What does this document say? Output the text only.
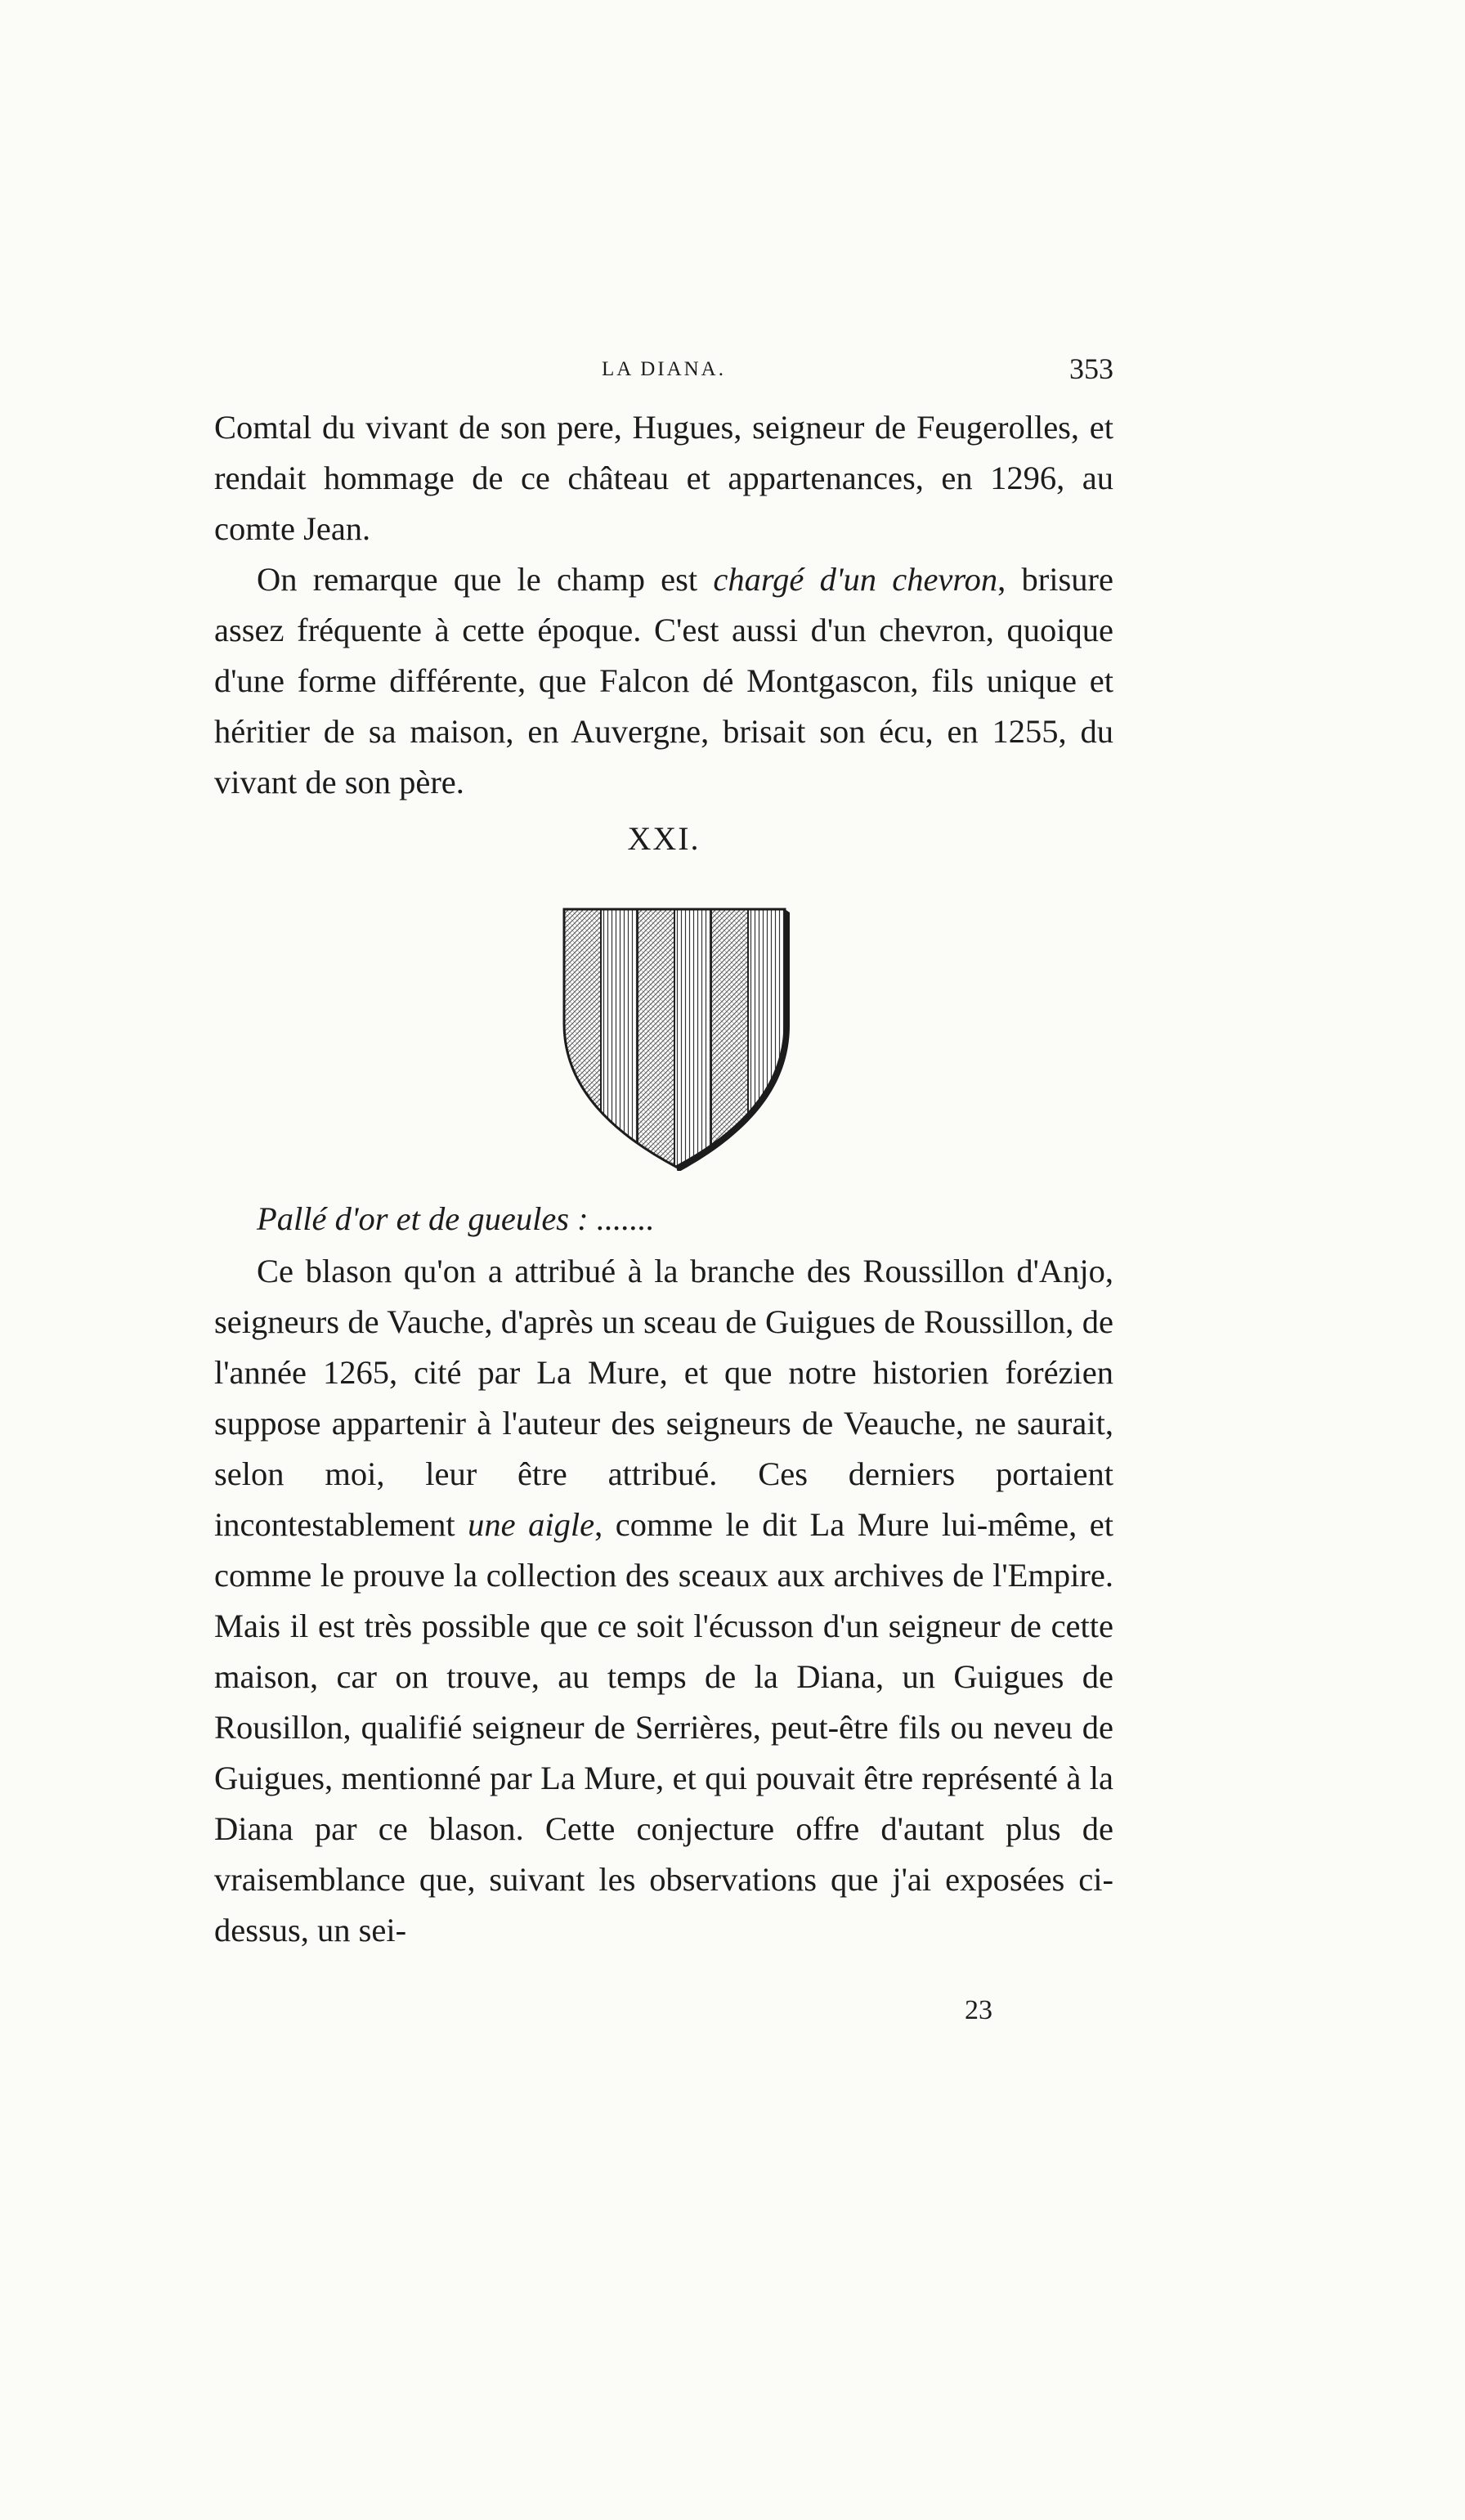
LA DIANA.	353

Comtal du vivant de son pere, Hugues, seigneur de Feugerolles, et rendait hommage de ce château et appartenances, en 1296, au comte Jean.

On remarque que le champ est chargé d'un chevron, brisure assez fréquente à cette époque. C'est aussi d'un chevron, quoique d'une forme différente, que Falcon dé Montgascon, fils unique et héritier de sa maison, en Auvergne, brisait son écu, en 1255, du vivant de son père.

XXI.
Pallé d'or et de gueules : .......

Ce blason qu'on a attribué à la branche des Roussillon d'Anjo, seigneurs de Vauche, d'après un sceau de Guigues de Roussillon, de l'année 1265, cité par La Mure, et que notre historien forézien suppose appartenir à l'auteur des seigneurs de Veauche, ne saurait, selon moi, leur être attribué. Ces derniers portaient incontestablement une aigle, comme le dit La Mure lui-même, et comme le prouve la collection des sceaux aux archives de l'Empire. Mais il est très possible que ce soit l'écusson d'un seigneur de cette maison, car on trouve, au temps de la Diana, un Guigues de Rousillon, qualifié seigneur de Serrières, peut-être fils ou neveu de Guigues, mentionné par La Mure, et qui pouvait être représenté à la Diana par ce blason. Cette conjecture offre d'autant plus de vraisemblance que, suivant les observations que j'ai exposées ci-dessus, un sei-

23
